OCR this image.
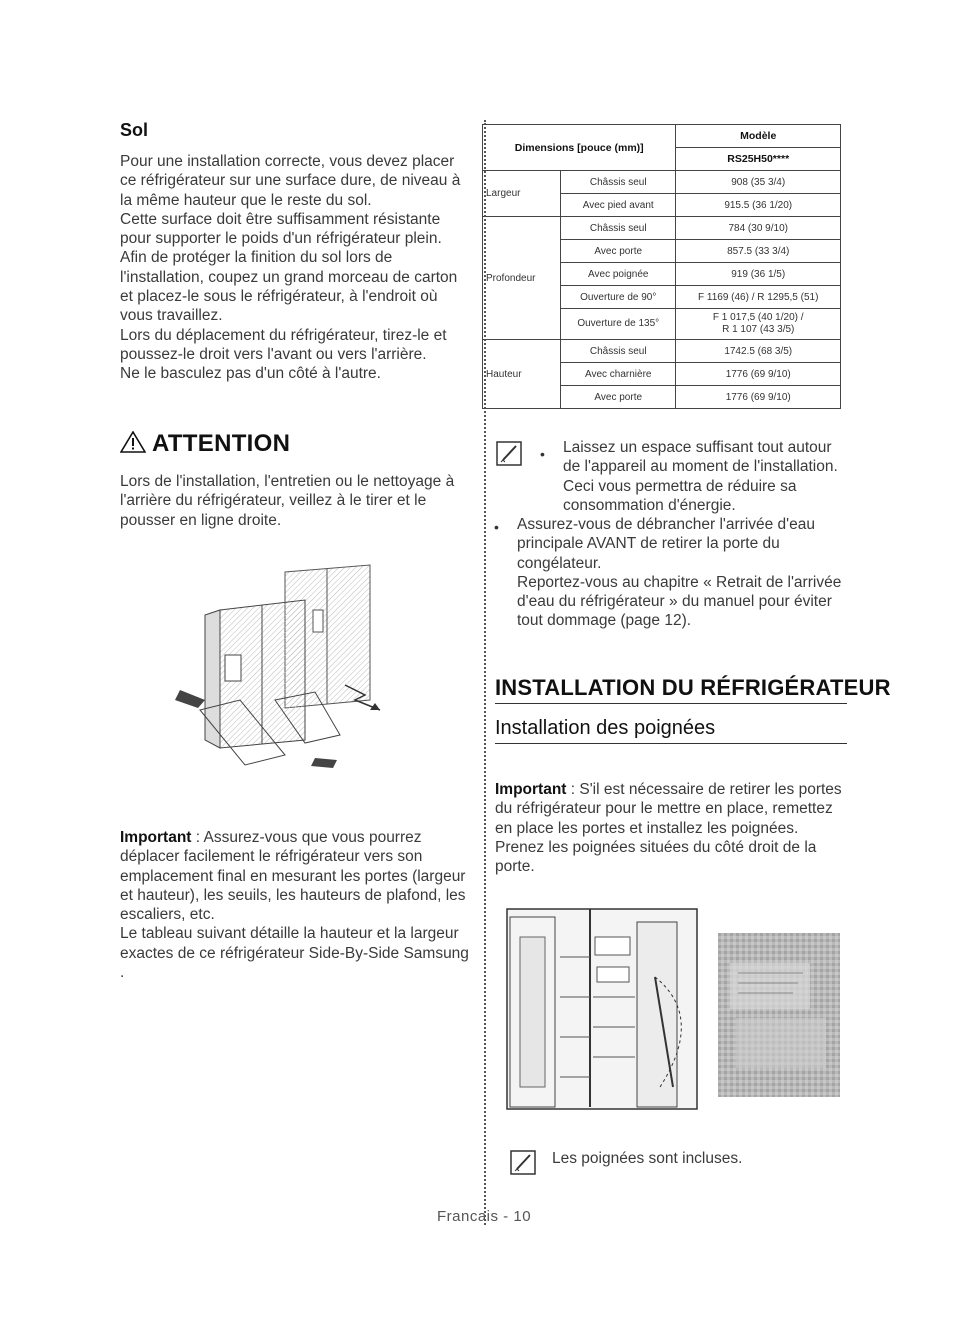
Sol

Pour une installation correcte, vous devez placer ce réfrigérateur sur une surface dure, de niveau à la même hauteur que le reste du sol.

Cette surface doit être suffisamment résistante pour supporter le poids d'un réfrigérateur plein.

Afin de protéger la finition du sol lors de l'installation, coupez un grand morceau de carton et placez-le sous le réfrigérateur, à l'endroit où vous travaillez.

Lors du déplacement du réfrigérateur, tirez-le et poussez-le droit vers l'avant ou vers l'arrière.

Ne le basculez pas d'un côté à l'autre.

ATTENTION
Lors de l'installation, l'entretien ou le nettoyage à l'arrière du réfrigérateur, veillez à le tirer et le pousser en ligne droite.

Important : Assurez-vous que vous pourrez déplacer facilement le réfrigérateur vers son emplacement final en mesurant les portes (largeur et hauteur), les seuils, les hauteurs de plafond, les escaliers, etc.

Le tableau suivant détaille la hauteur et la largeur exactes de ce réfrigérateur Side-By-Side Samsung

.

Dimensions [pouce (mm)]		Modèle
		RS25H50****
Largeur	Châssis seul	908 (35 3/4)
	Avec pied avant	915.5 (36 1/20)
Profondeur	Châssis seul	784 (30 9/10)
	Avec porte	857.5 (33 3/4)
	Avec poignée	919 (36 1/5)
	Ouverture de 90°	F 1169 (46) / R 1295,5 (51)
	Ouverture de 135°	F 1 017,5 (40 1/20) /
R 1 107 (43 3/5)
Hauteur	Châssis seul	1742.5 (68 3/5)
	Avec charnière	1776 (69 9/10)
	Avec porte	1776 (69 9/10)
• Laissez un espace suffisant tout autour de l'appareil au moment de l'installation. Ceci vous permettra de réduire sa consommation d'énergie.
• Assurez-vous de débrancher l'arrivée d'eau principale AVANT de retirer la porte du congélateur.
Reportez-vous au chapitre « Retrait de l'arrivée d'eau du réfrigérateur » du manuel pour éviter tout dommage (page 12).
INSTALLATION DU RÉFRIGÉRATEUR
Installation des poignées

Important : S'il est nécessaire de retirer les portes du réfrigérateur pour le mettre en place, remettez en place les portes et installez les poignées.

Prenez les poignées situées du côté droit de la porte.

Les poignées sont incluses.
Francais - 10
